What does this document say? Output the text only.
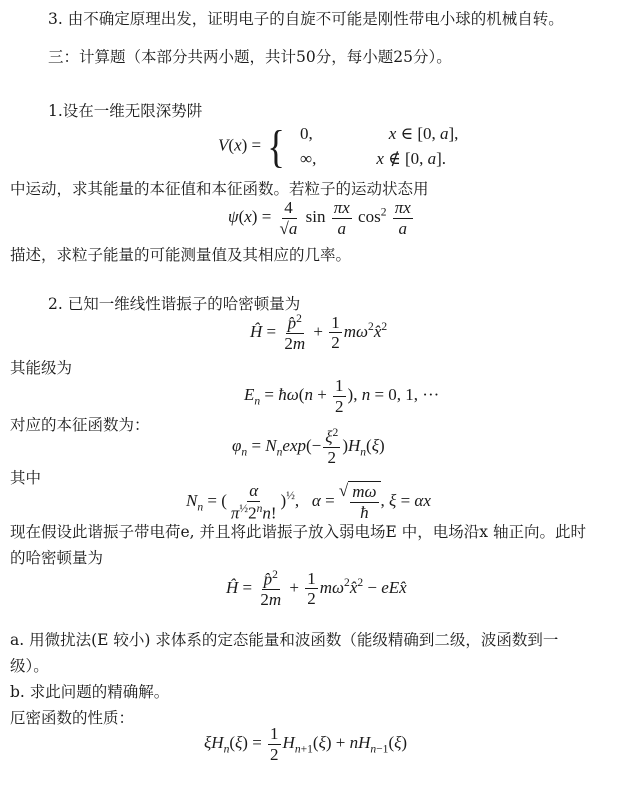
3. 由不确定原理出发，证明电子的自旋不可能是刚性带电小球的机械自转。
三：计算题（本部分共两小题，共计50分，每小题25分）。
1.设在一维无限深势阱
V(x) = { 0,	x ∈ [0, a],
∞,	x ∉ [0, a].
中运动，求其能量的本征值和本征函数。若粒子的运动状态用
$\psi(x) = \frac{4}{√a}$ $\sin \frac{\pi x}{a} \cos^2 \frac{\pi x}{a}$
描述，求粒子能量的可能测量值及其相应的几率。
2. 已知一维线性谐振子的哈密顿量为
Ĥ = $\frac{p̂^2}{2m} + \frac{1}{2}$ $m\omega^2x̂^2$
其能级为
$E_n$ = ħω(n + $\frac{1}{2}$ ), n = 0, 1, ···
对应的本征函数为：
$\varphi_n = N_n\exp(- \frac{\xi^2}{2} )H_n(\xi)$
其中
$N_n$ = ( $\frac{\alpha}{\pi^{\frac{1}{2}}2^nn!} )^{\frac{1}{2}}$,   α = √ $\frac{m\omega}{ħ}$ , ξ = αx
现在假设此谐振子带电荷e, 并且将此谐振子放入弱电场E 中，电场沿x 轴正向。此时
的哈密顿量为
Ĥ = $\frac{p̂^2}{2m} + \frac{1}{2}$ $m\omega^2x̂^2$ − eEx̂
a. 用微扰法(E 较小) 求体系的定态能量和波函数（能级精确到二级，波函数到一
级）。
b. 求此问题的精确解。
厄密函数的性质：
$\xi H_n(\xi) = \frac{1}{2} H_{n+1}(\xi) + nH_{n-1}(\xi)$
